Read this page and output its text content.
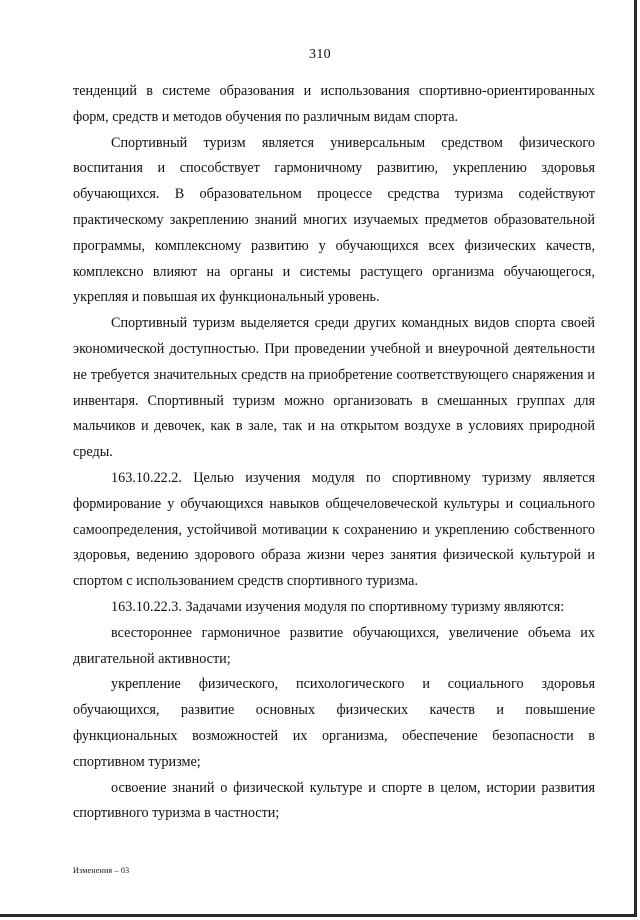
310

тенденций в системе образования и использования спортивно-ориентированных форм, средств и методов обучения по различным видам спорта.

Спортивный туризм является универсальным средством физического воспитания и способствует гармоничному развитию, укреплению здоровья обучающихся. В образовательном процессе средства туризма содействуют практическому закреплению знаний многих изучаемых предметов образовательной программы, комплексному развитию у обучающихся всех физических качеств, комплексно влияют на органы и системы растущего организма обучающегося, укрепляя и повышая их функциональный уровень.

Спортивный туризм выделяется среди других командных видов спорта своей экономической доступностью. При проведении учебной и внеурочной деятельности не требуется значительных средств на приобретение соответствующего снаряжения и инвентаря. Спортивный туризм можно организовать в смешанных группах для мальчиков и девочек, как в зале, так и на открытом воздухе в условиях природной среды.

163.10.22.2. Целью изучения модуля по спортивному туризму является формирование у обучающихся навыков общечеловеческой культуры и социального самоопределения, устойчивой мотивации к сохранению и укреплению собственного здоровья, ведению здорового образа жизни через занятия физической культурой и спортом с использованием средств спортивного туризма.

163.10.22.3. Задачами изучения модуля по спортивному туризму являются:

всестороннее гармоничное развитие обучающихся, увеличение объема их двигательной активности;

укрепление физического, психологического и социального здоровья обучающихся, развитие основных физических качеств и повышение функциональных возможностей их организма, обеспечение безопасности в спортивном туризме;

освоение знаний о физической культуре и спорте в целом, истории развития спортивного туризма в частности;

Изменения – 03
